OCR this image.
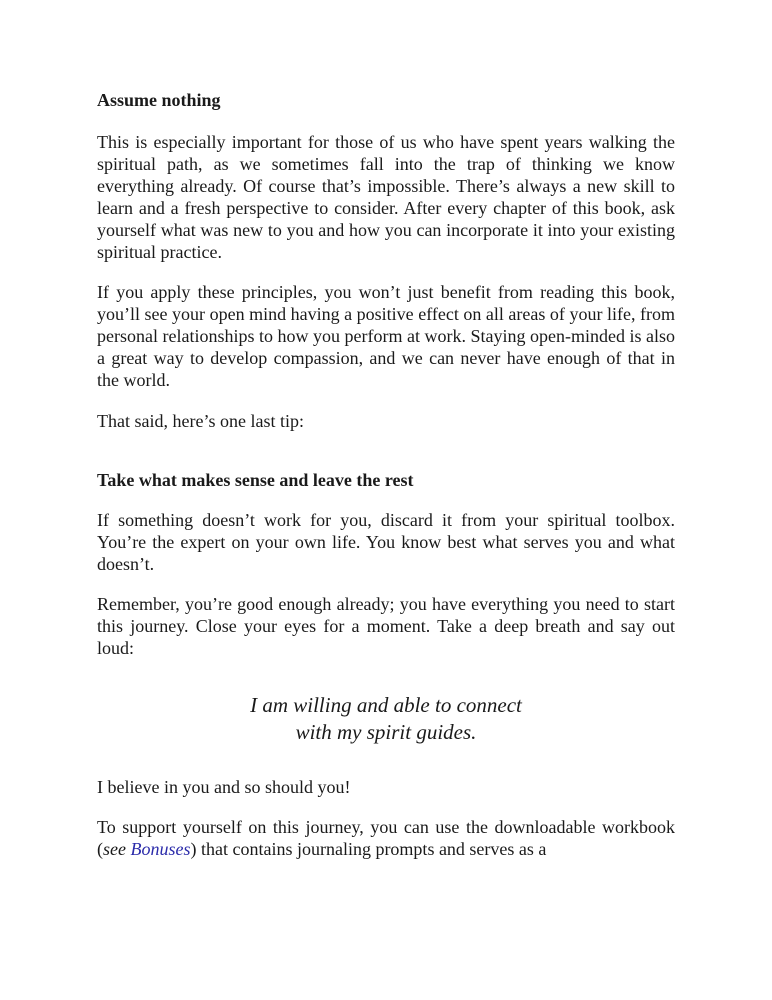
Assume nothing

This is especially important for those of us who have spent years walking the spiritual path, as we sometimes fall into the trap of thinking we know everything already. Of course that’s impossible. There’s always a new skill to learn and a fresh perspective to consider. After every chapter of this book, ask yourself what was new to you and how you can incorporate it into your existing spiritual practice.

If you apply these principles, you won’t just benefit from reading this book, you’ll see your open mind having a positive effect on all areas of your life, from personal relationships to how you perform at work. Staying open-minded is also a great way to develop compassion, and we can never have enough of that in the world.

That said, here’s one last tip:

Take what makes sense and leave the rest

If something doesn’t work for you, discard it from your spiritual toolbox. You’re the expert on your own life. You know best what serves you and what doesn’t.

Remember, you’re good enough already; you have everything you need to start this journey. Close your eyes for a moment. Take a deep breath and say out loud:

I am willing and able to connect
with my spirit guides.

I believe in you and so should you!

To support yourself on this journey, you can use the downloadable workbook (see Bonuses) that contains journaling prompts and serves as a
